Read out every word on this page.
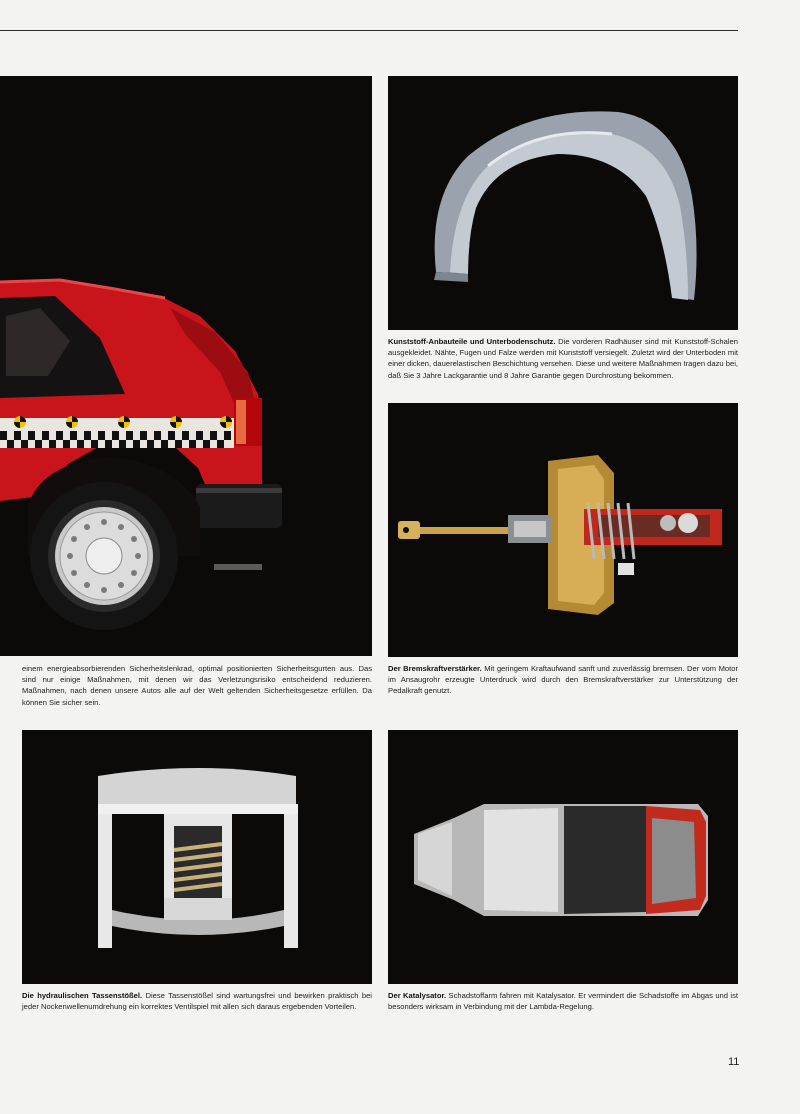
Kunststoff-Anbauteile und Unterbodenschutz. Die vorderen Radhäuser sind mit Kunststoff-Schalen ausgekleidet. Nähte, Fugen und Falze werden mit Kunststoff versiegelt. Zuletzt wird der Unterboden mit einer dicken, dauerelastischen Beschichtung versehen. Diese und weitere Maßnahmen tragen dazu bei, daß Sie 3 Jahre Lackgarantie und 8 Jahre Garantie gegen Durchrostung bekommen.
einem energieabsorbierenden Sicherheitslenkrad, optimal positionierten Sicherheitsgurten aus. Das sind nur einige Maßnahmen, mit denen wir das Verletzungsrisiko entscheidend reduzieren. Maßnahmen, nach denen unsere Autos alle auf der Welt geltenden Sicherheitsgesetze erfüllen. Da können Sie sicher sein.
Der Bremskraftverstärker. Mit geringem Kraftaufwand sanft und zuverlässig bremsen. Der vom Motor im Ansaugrohr erzeugte Unterdruck wird durch den Bremskraftverstärker zur Unterstützung der Pedalkraft genutzt.
Die hydraulischen Tassenstößel. Diese Tassenstößel sind wartungsfrei und bewirken praktisch bei jeder Nockenwellenumdrehung ein korrektes Ventilspiel mit allen sich daraus ergebenden Vorteilen.
Der Katalysator. Schadstoffarm fahren mit Katalysator. Er vermindert die Schadstoffe im Abgas und ist besonders wirksam in Verbindung mit der Lambda-Regelung.
11
